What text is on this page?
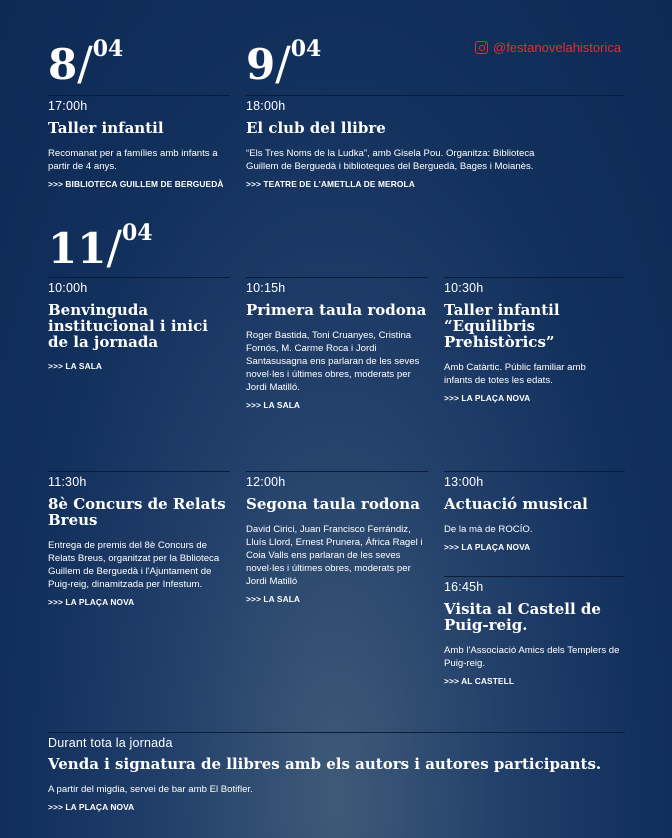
@festanovelahistorica
8/04	9/04
11/04
17:00h
Taller infantil
Recomanat per a famílies amb infants a partir de 4 anys.
>>> BIBLIOTECA GUILLEM DE BERGUEDÀ
18:00h
El club del llibre
“Els Tres Noms de la Ludka”, amb Gisela Pou. Organitza: Biblioteca Guillem de Berguedà i biblioteques del Berguedà, Bages i Moianès.
>>> TEATRE DE L'AMETLLA DE MEROLA
10:00h
Benvinguda institucional i inici de la jornada
>>> LA SALA
10:15h
Primera taula rodona
Roger Bastida, Toni Cruanyes, Cristina Fornós, M. Carme Roca i Jordi Santasusagna ens parlaran de les seves novel·les i últimes obres, moderats per Jordi Matilló.
>>> LA SALA
10:30h
Taller infantil “Equilibris Prehistòrics”
Amb Catàrtic. Públic familiar amb infants de totes les edats.
>>> LA PLAÇA NOVA
11:30h
8è Concurs de Relats Breus
Entrega de premis del 8è Concurs de Relats Breus, organitzat per la Bblioteca Guillem de Berguedà i l'Ajuntament de Puig-reig, dinamitzada per Infestum.
>>> LA PLAÇA NOVA
12:00h
Segona taula rodona
David Cirici, Juan Francisco Ferrándiz, Lluís Llord, Ernest Prunera, África Ragel i Coia Valls ens parlaran de les seves novel·les i últimes obres, moderats per Jordi Matilló
>>> LA SALA
13:00h
Actuació musical
De la mà de ROCÍO.
>>> LA PLAÇA NOVA
16:45h
Visita al Castell de Puig-reig.
Amb l'Associació Amics dels Templers de Puig-reig.
>>> AL CASTELL
Durant tota la jornada
Venda i signatura de llibres amb els autors i autores participants.
A partir del migdia, servei de bar amb El Botifler.
>>> LA PLAÇA NOVA
